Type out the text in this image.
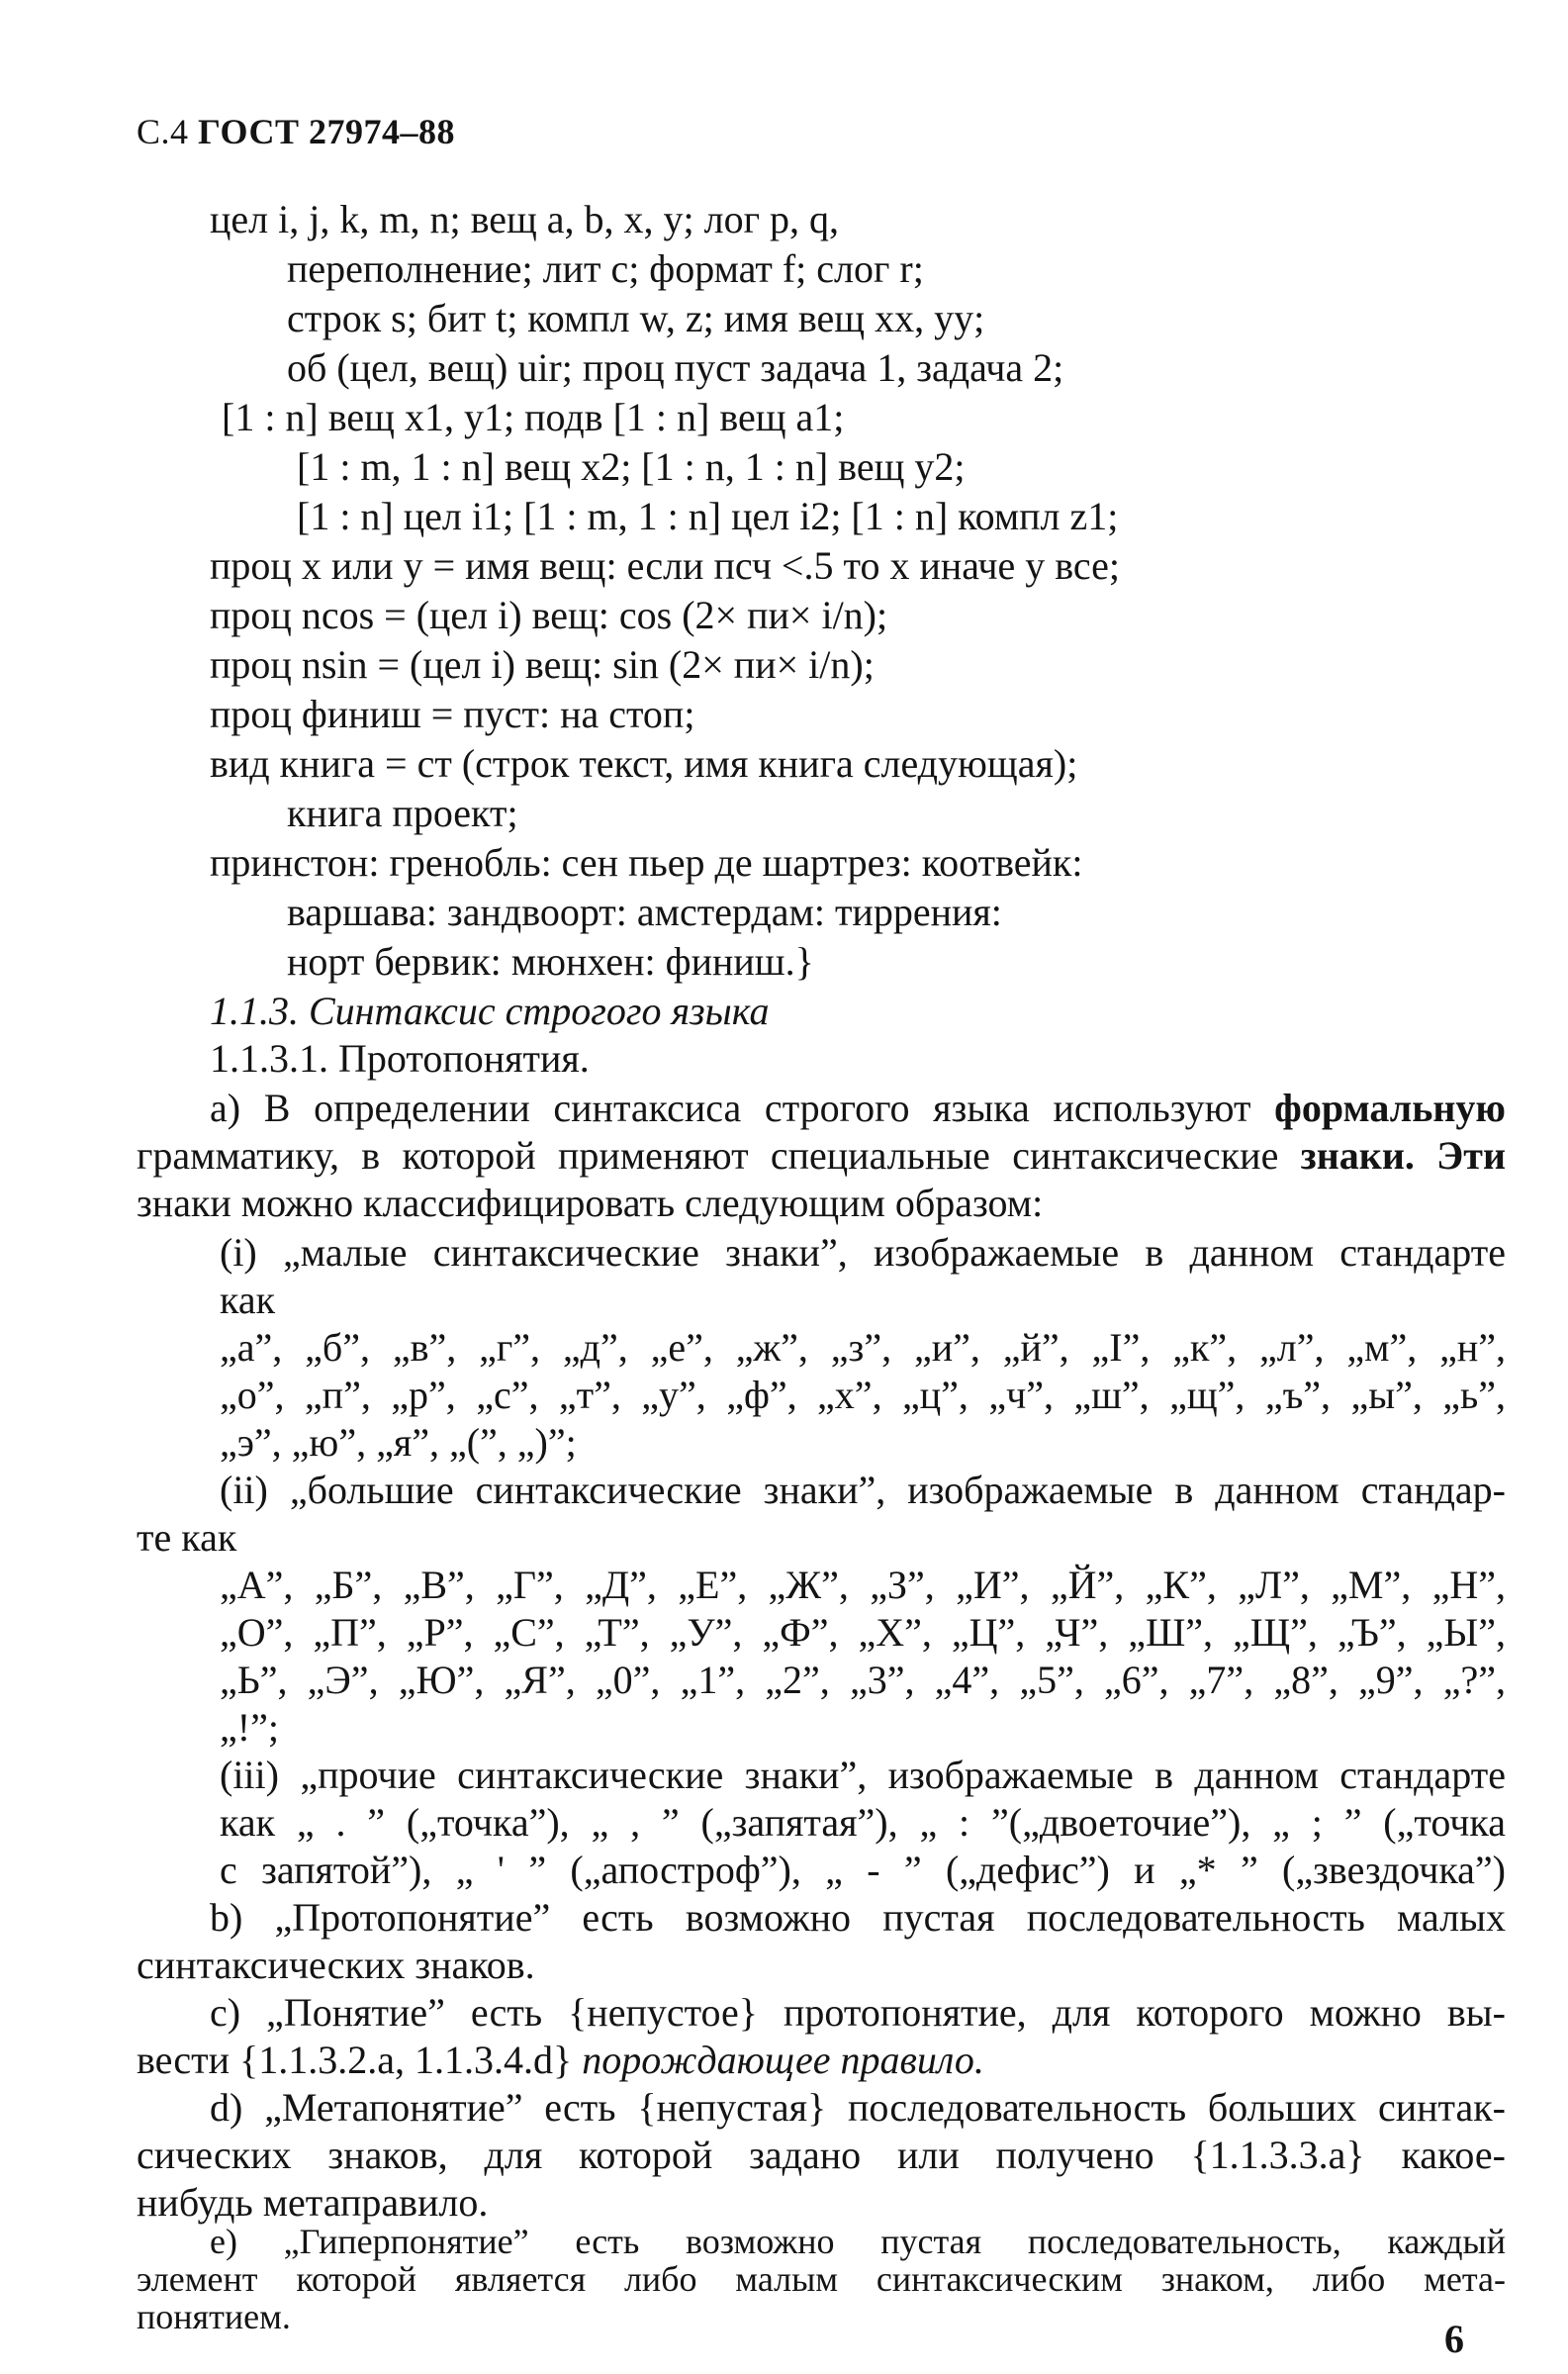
С.4 ГОСТ 27974–88
цел i, j, k, m, n; вещ a, b, x, y; лог p, q,
переполнение; лит c; формат f; слог r;
строк s; бит t; компл w, z; имя вещ xx, yy;
об (цел, вещ) uir; проц пуст задача 1, задача 2;
[1 : n] вещ x1, y1; подв [1 : n] вещ a1;
[1 : m, 1 : n] вещ x2; [1 : n, 1 : n] вещ y2;
[1 : n] цел i1; [1 : m, 1 : n] цел i2; [1 : n] компл z1;
проц x или y = имя вещ: если псч <.5 то x иначе y все;
проц ncos = (цел i) вещ: cos (2× пи× i/n);
проц nsin = (цел i) вещ: sin (2× пи× i/n);
проц финиш = пуст: на стоп;
вид книга = ст (строк текст, имя книга следующая);
книга проект;
принстон: гренобль: сен пьер де шартрез: коотвейк:
варшава: зандвоорт: амстердам: тиррения:
норт бервик: мюнхен: финиш.}
1.1.3. Синтаксис строгого языка
1.1.3.1. Протопонятия.
a) В определении синтаксиса строгого языка используют формальную
грамматику, в которой применяют специальные синтаксические знаки. Эти
знаки можно классифицировать следующим образом:
(i) „малые синтаксические знаки”, изображаемые в данном стандарте
как
„а”, „б”, „в”, „г”, „д”, „е”, „ж”, „з”, „и”, „й”, „I”, „к”, „л”, „м”, „н”,
„о”, „п”, „р”, „с”, „т”, „у”, „ф”, „х”, „ц”, „ч”, „ш”, „щ”, „ъ”, „ы”, „ь”,
„э”, „ю”, „я”, „(”, „)”;
(ii) „большие синтаксические знаки”, изображаемые в данном стандар-
те как
„А”, „Б”, „В”, „Г”, „Д”, „Е”, „Ж”, „З”, „И”, „Й”, „К”, „Л”, „М”, „Н”,
„О”, „П”, „Р”, „С”, „Т”, „У”, „Ф”, „Х”, „Ц”, „Ч”, „Ш”, „Щ”, „Ъ”, „Ы”,
„Ь”, „Э”, „Ю”, „Я”, „0”, „1”, „2”, „3”, „4”, „5”, „6”, „7”, „8”, „9”, „?”,
„!”;
(iii) „прочие синтаксические знаки”, изображаемые в данном стандарте
как „ . ” („точка”), „ , ” („запятая”), „ : ”(„двоеточие”), „ ; ” („точка
с запятой”), „ ' ” („апостроф”), „ - ” („дефис”) и „* ” („звездочка”)
b) „Протопонятие” есть возможно пустая последовательность малых
синтаксических знаков.
c) „Понятие” есть {непустое} протопонятие, для которого можно вы-
вести {1.1.3.2.a, 1.1.3.4.d} порождающее правило.
d) „Метапонятие” есть {непустая} последовательность больших синтак-
сических знаков, для которой задано или получено {1.1.3.3.a} какое-
нибудь метаправило.
e) „Гиперпонятие” есть возможно пустая последовательность, каждый
6
элемент которой является либо малым синтаксическим знаком, либо мета-
понятием.
